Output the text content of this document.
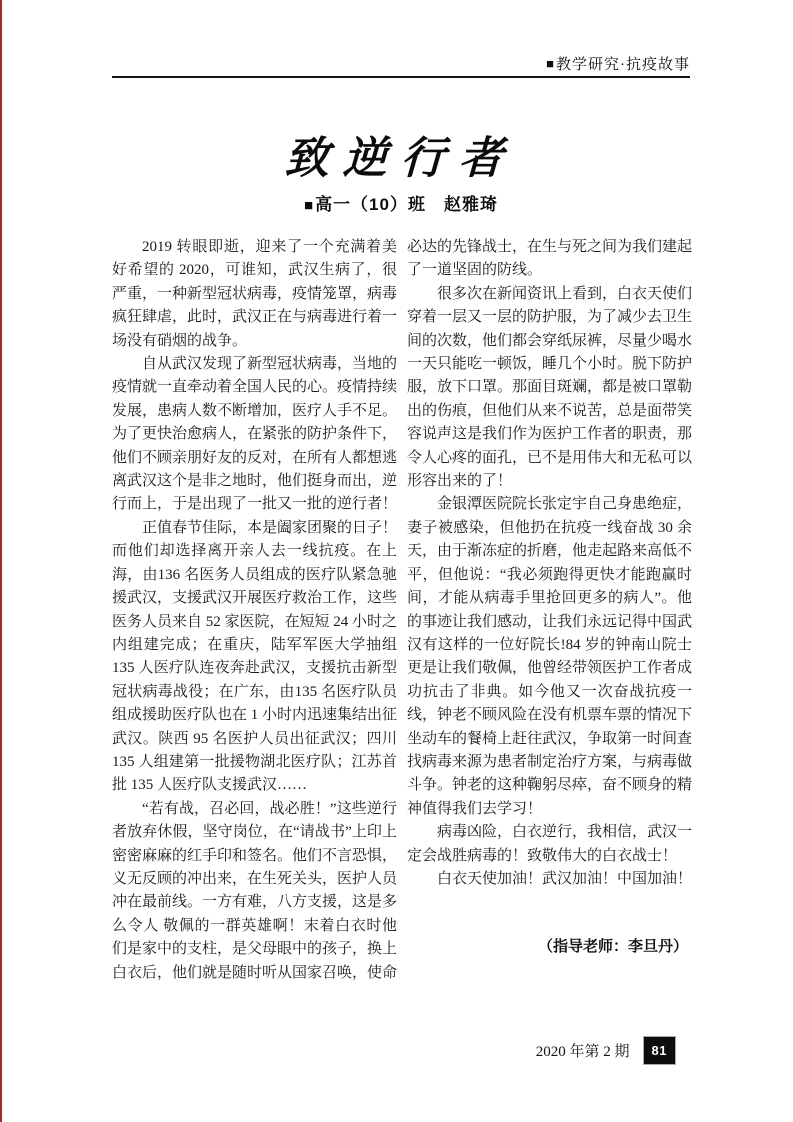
■教学研究·抗疫故事
致逆行者
■高一（10）班　赵雅琦

2019 转眼即逝，迎来了一个充满着美好希望的 2020，可谁知，武汉生病了，很严重，一种新型冠状病毒，疫情笼罩，病毒疯狂肆虐，此时，武汉正在与病毒进行着一场没有硝烟的战争。

自从武汉发现了新型冠状病毒，当地的疫情就一直牵动着全国人民的心。疫情持续发展，患病人数不断增加，医疗人手不足。为了更快治愈病人，在紧张的防护条件下，他们不顾亲朋好友的反对，在所有人都想逃离武汉这个是非之地时，他们挺身而出，逆行而上，于是出现了一批又一批的逆行者！

正值春节佳际，本是阖家团聚的日子！而他们却选择离开亲人去一线抗疫。在上海，由136 名医务人员组成的医疗队紧急驰援武汉，支援武汉开展医疗救治工作，这些医务人员来自 52 家医院，在短短 24 小时之内组建完成；在重庆，陆军军医大学抽组 135 人医疗队连夜奔赴武汉，支援抗击新型冠状病毒战役；在广东，由135 名医疗队员组成援助医疗队也在 1 小时内迅速集结出征武汉。陕西 95 名医护人员出征武汉；四川 135 人组建第一批援物湖北医疗队；江苏首批 135 人医疗队支援武汉……

“若有战，召必回，战必胜！”这些逆行者放弃休假，坚守岗位，在“请战书”上印上密密麻麻的红手印和签名。他们不言恐惧，义无反顾的冲出来，在生死关头，医护人员冲在最前线。一方有难，八方支援，这是多么令人 敬佩的一群英雄啊！末着白衣时他们是家中的支柱，是父母眼中的孩子，换上白衣后，他们就是随时听从国家召唤，使命必达的先锋战士，在生与死之间为我们建起了一道坚固的防线。

很多次在新闻资讯上看到，白衣天使们穿着一层又一层的防护服，为了减少去卫生间的次数，他们都会穿纸尿裤，尽量少喝水一天只能吃一顿饭，睡几个小时。脱下防护服，放下口罩。那面目斑斓，都是被口罩勒出的伤痕，但他们从来不说苦，总是面带笑容说声这是我们作为医护工作者的职责，那令人心疼的面孔，已不是用伟大和无私可以形容出来的了！

金银潭医院院长张定宇自己身患绝症，妻子被感染，但他扔在抗疫一线奋战 30 余天，由于渐冻症的折磨，他走起路来高低不平，但他说：“我必须跑得更快才能跑赢时间，才能从病毒手里抢回更多的病人”。他的事迹让我们感动，让我们永远记得中国武汉有这样的一位好院长!84 岁的钟南山院士更是让我们敬佩，他曾经带领医护工作者成功抗击了非典。如今他又一次奋战抗疫一线，钟老不顾风险在没有机票车票的情况下坐动车的餐椅上赶往武汉，争取第一时间查找病毒来源为患者制定治疗方案，与病毒做斗争。钟老的这种鞠躬尽瘁，奋不顾身的精神值得我们去学习！

病毒凶险，白衣逆行，我相信，武汉一定会战胜病毒的！致敬伟大的白衣战士！

白衣天使加油！武汉加油！中国加油！

（指导老师：李旦丹）

2020 年第 2 期	81
